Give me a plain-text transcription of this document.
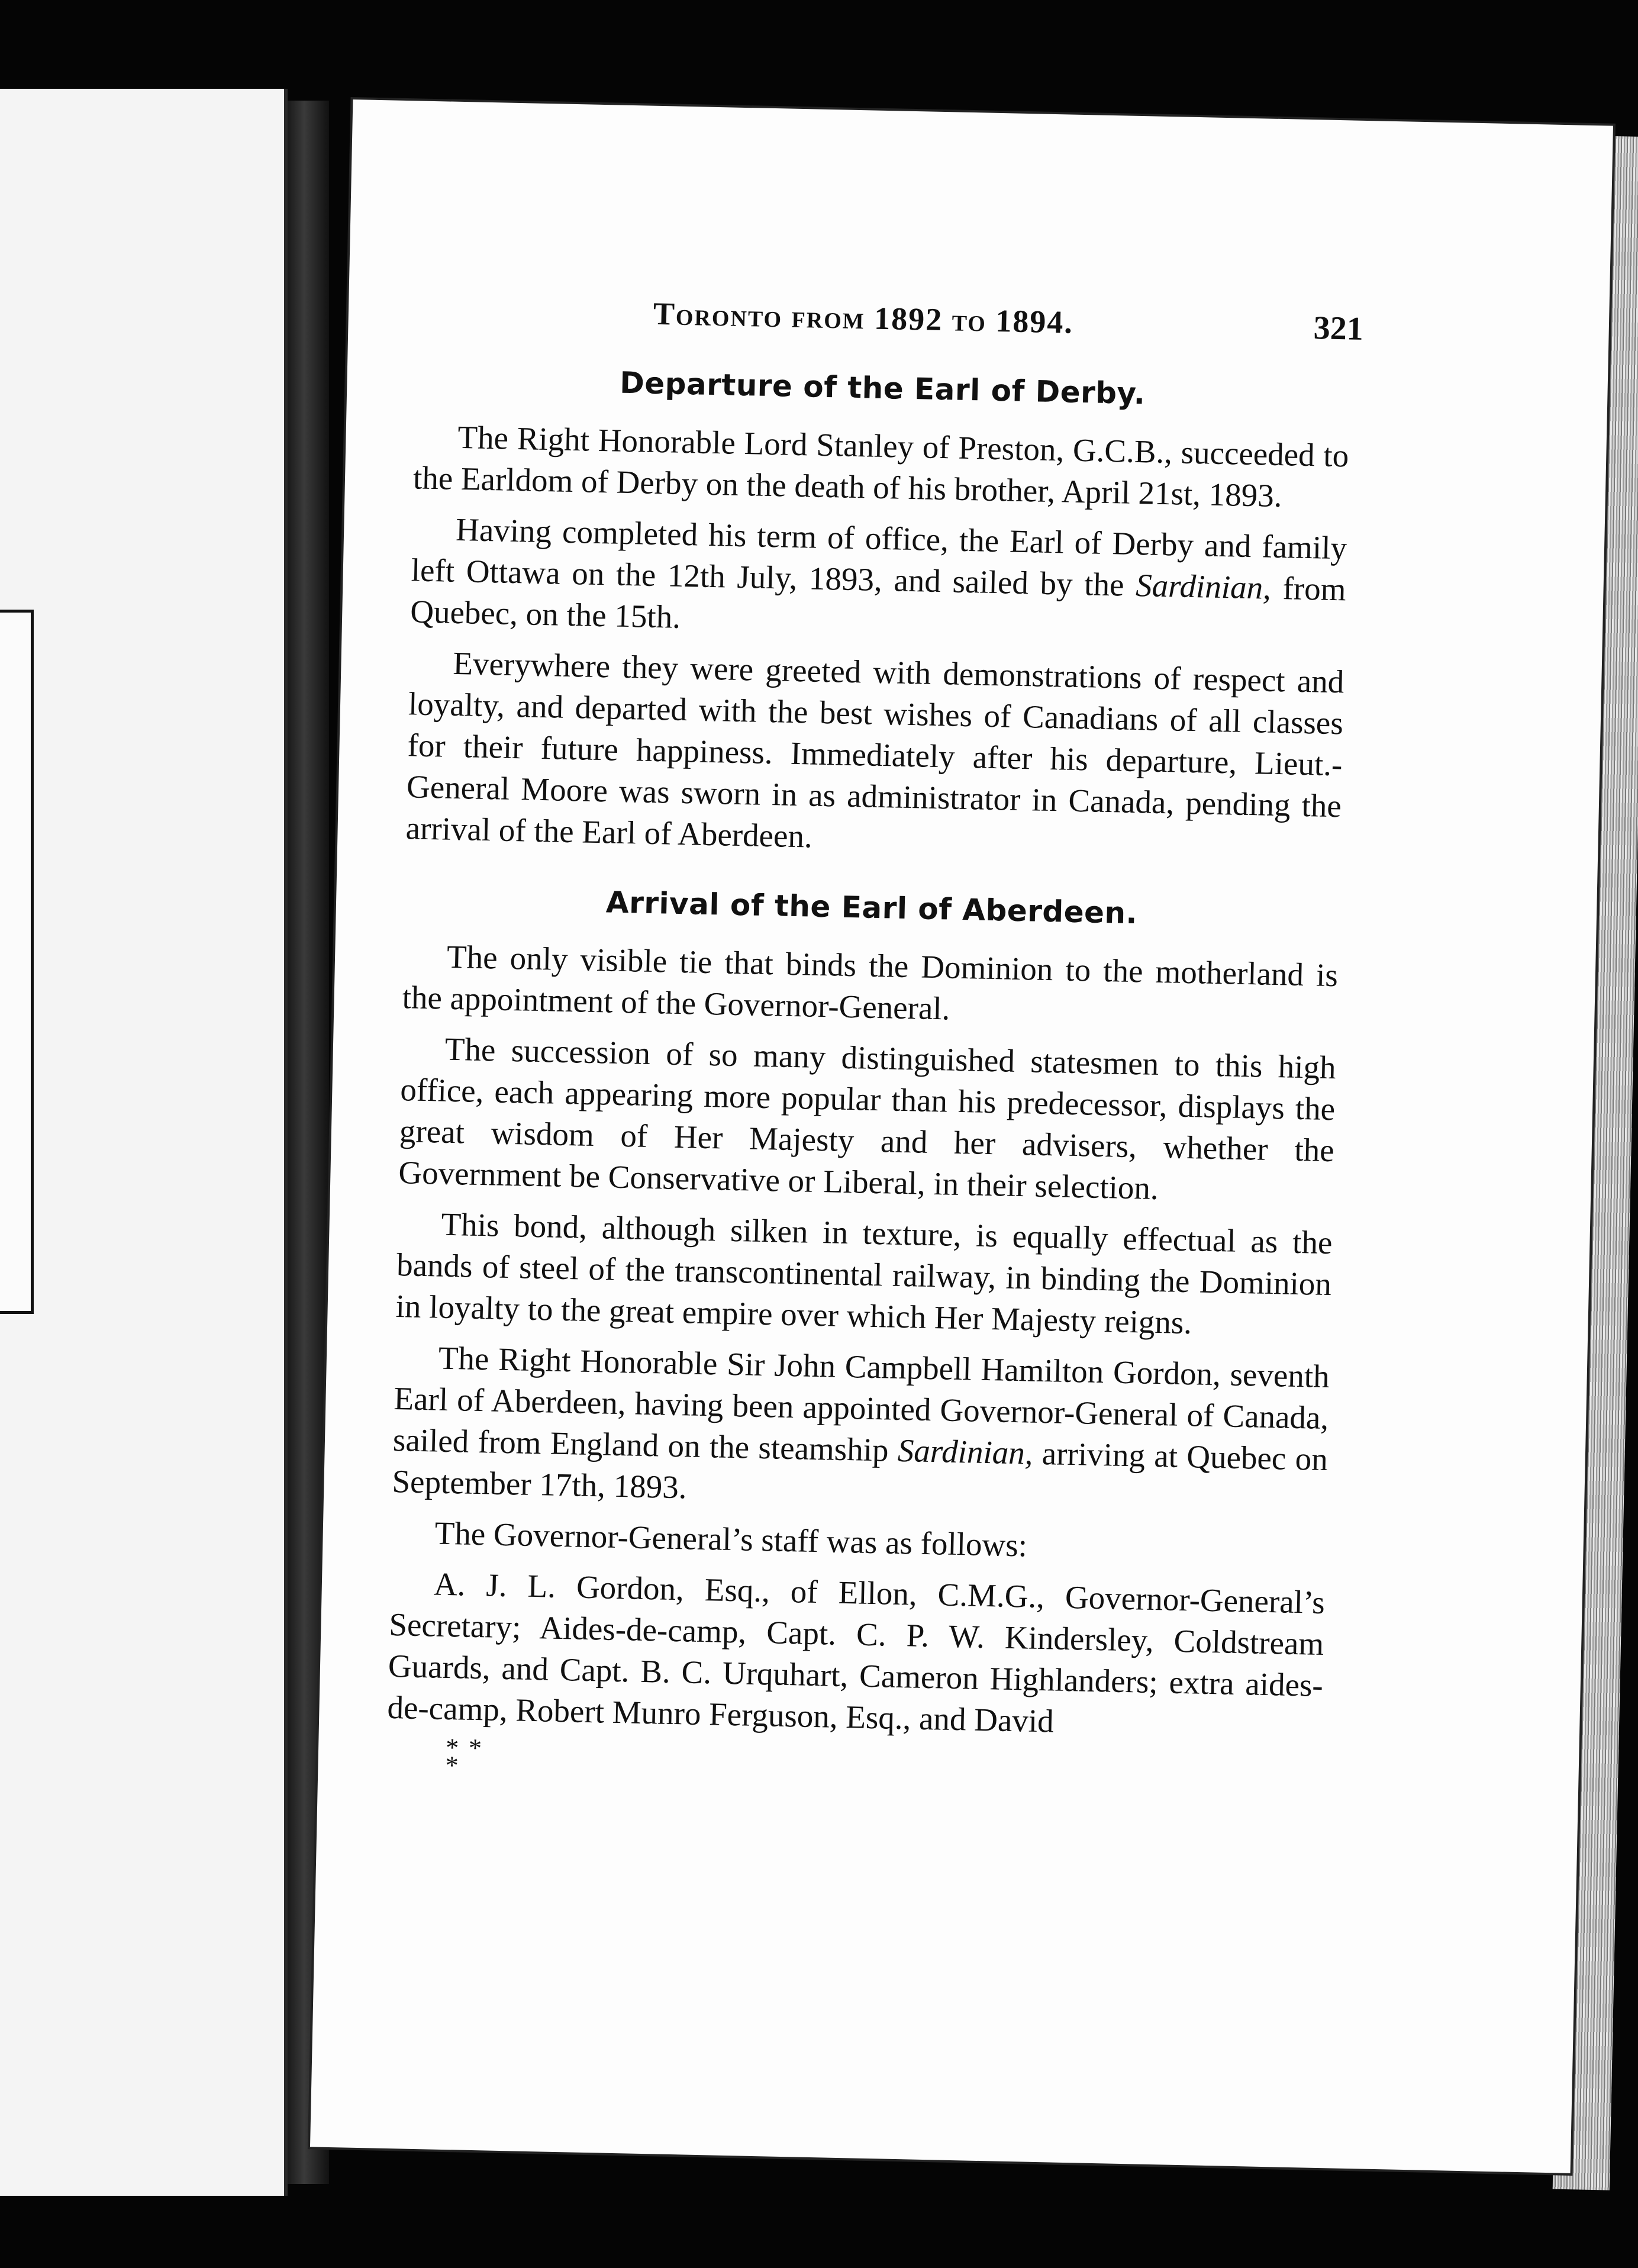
Toronto from 1892 to 1894.	321
Departure of the Earl of Derby.

The Right Honorable Lord Stanley of Preston, G.C.B., succeeded to the Earldom of Derby on the death of his brother, April 21st, 1893.

Having completed his term of office, the Earl of Derby and family left Ottawa on the 12th July, 1893, and sailed by the Sardinian, from Quebec, on the 15th.

Everywhere they were greeted with demonstrations of respect and loyalty, and departed with the best wishes of Canadians of all classes for their future happiness. Immediately after his departure, Lieut.-General Moore was sworn in as administrator in Canada, pending the arrival of the Earl of Aberdeen.

Arrival of the Earl of Aberdeen.

The only visible tie that binds the Dominion to the motherland is the appointment of the Governor-General.

The succession of so many distinguished statesmen to this high office, each appearing more popular than his predecessor, displays the great wisdom of Her Majesty and her advisers, whether the Government be Conservative or Liberal, in their selection.

This bond, although silken in texture, is equally effectual as the bands of steel of the transcontinental railway, in binding the Dominion in loyalty to the great empire over which Her Majesty reigns.

The Right Honorable Sir John Campbell Hamilton Gordon, seventh Earl of Aberdeen, having been appointed Governor-General of Canada, sailed from England on the steamship Sardinian, arriving at Quebec on September 17th, 1893.

The Governor-General’s staff was as follows:

A. J. L. Gordon, Esq., of Ellon, C.M.G., Governor-General’s Secretary; Aides-de-camp, Capt. C. P. W. Kindersley, Coldstream Guards, and Capt. B. C. Urquhart, Cameron Highlanders; extra aides-de-camp, Robert Munro Ferguson, Esq., and David

* *
*
